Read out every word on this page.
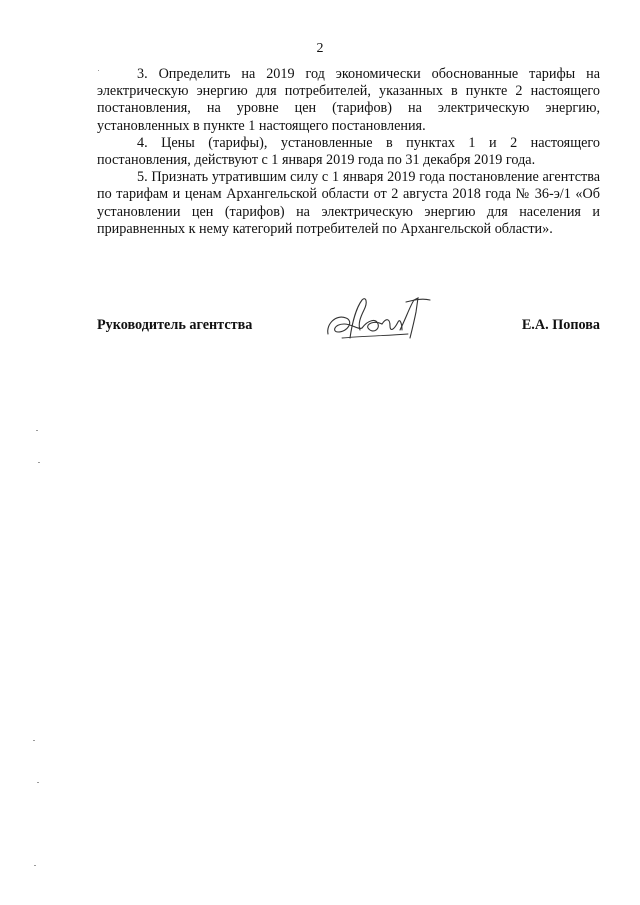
2

3. Определить на 2019 год экономически обоснованные тарифы на электрическую энергию для потребителей, указанных в пункте 2 настоящего постановления, на уровне цен (тарифов) на электрическую энергию, установленных в пункте 1 настоящего постановления.

4. Цены (тарифы), установленные в пунктах 1 и 2 настоящего постановления, действуют с 1 января 2019 года по 31 декабря 2019 года.

5. Признать утратившим силу с 1 января 2019 года постановление агентства по тарифам и ценам Архангельской области от 2 августа 2018 года № 36-э/1 «Об установлении цен (тарифов) на электрическую энергию для населения и приравненных к нему категорий потребителей по Архангельской области».

Руководитель агентства	Е.А. Попова
